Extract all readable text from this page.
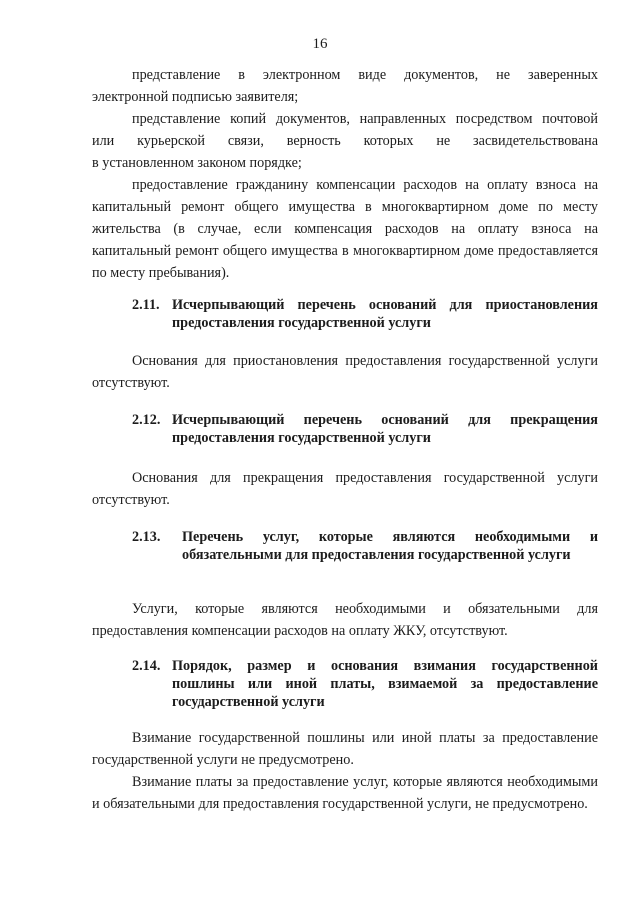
16

представление в электронном виде документов, не заверенных

электронной подписью заявителя;

представление копий документов, направленных посредством почтовой

или курьерской связи, верность которых не засвидетельствована
в установленном законом порядке;

предоставление гражданину компенсации расходов на оплату взноса на капитальный ремонт общего имущества в многоквартирном доме по месту жительства (в случае, если компенсация расходов на оплату взноса на капитальный ремонт общего имущества в многоквартирном доме предоставляется по месту пребывания).

2.11. Исчерпывающий перечень оснований для приостановления предоставления государственной услуги

Основания для приостановления предоставления государственной услуги отсутствуют.

2.12. Исчерпывающий перечень оснований для прекращения предоставления государственной услуги

Основания для прекращения предоставления государственной услуги отсутствуют.

2.13. Перечень услуг, которые являются необходимыми и обязательными для предоставления государственной услуги

Услуги, которые являются необходимыми и обязательными для предоставления компенсации расходов на оплату ЖКУ, отсутствуют.

2.14. Порядок, размер и основания взимания государственной пошлины или иной платы, взимаемой за предоставление государственной услуги

Взимание государственной пошлины или иной платы за предоставление государственной услуги не предусмотрено.

Взимание платы за предоставление услуг, которые являются необходимыми и обязательными для предоставления государственной услуги, не предусмотрено.
